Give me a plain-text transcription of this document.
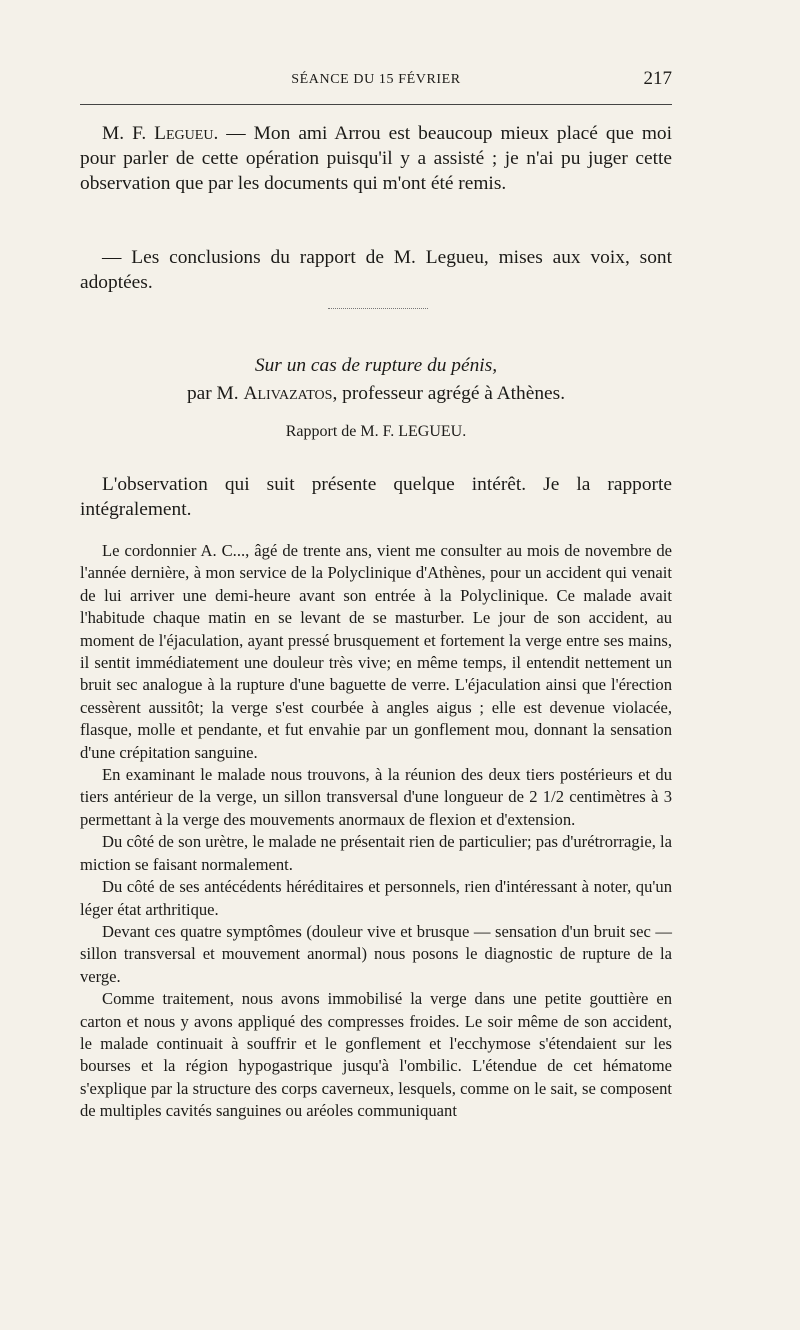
SÉANCE DU 15 FÉVRIER	217

M. F. Legueu. — Mon ami Arrou est beaucoup mieux placé que moi pour parler de cette opération puisqu'il y a assisté ; je n'ai pu juger cette observation que par les documents qui m'ont été remis.

— Les conclusions du rapport de M. Legueu, mises aux voix, sont adoptées.

Sur un cas de rupture du pénis,
par M. Alivazatos, professeur agrégé à Athènes.
Rapport de M. F. LEGUEU.

L'observation qui suit présente quelque intérêt. Je la rapporte intégralement.

Le cordonnier A. C..., âgé de trente ans, vient me consulter au mois de novembre de l'année dernière, à mon service de la Polyclinique d'Athènes, pour un accident qui venait de lui arriver une demi-heure avant son entrée à la Polyclinique. Ce malade avait l'habitude chaque matin en se levant de se masturber. Le jour de son accident, au moment de l'éjaculation, ayant pressé brusquement et fortement la verge entre ses mains, il sentit immédiatement une douleur très vive; en même temps, il entendit nettement un bruit sec analogue à la rupture d'une baguette de verre. L'éjaculation ainsi que l'érection cessèrent aussitôt; la verge s'est courbée à angles aigus ; elle est devenue violacée, flasque, molle et pendante, et fut envahie par un gonflement mou, donnant la sensation d'une crépitation sanguine.

En examinant le malade nous trouvons, à la réunion des deux tiers postérieurs et du tiers antérieur de la verge, un sillon transversal d'une longueur de 2 1/2 centimètres à 3 permettant à la verge des mouvements anormaux de flexion et d'extension.

Du côté de son urètre, le malade ne présentait rien de particulier; pas d'urétrorragie, la miction se faisant normalement.

Du côté de ses antécédents héréditaires et personnels, rien d'intéressant à noter, qu'un léger état arthritique.

Devant ces quatre symptômes (douleur vive et brusque — sensation d'un bruit sec — sillon transversal et mouvement anormal) nous posons le diagnostic de rupture de la verge.

Comme traitement, nous avons immobilisé la verge dans une petite gouttière en carton et nous y avons appliqué des compresses froides. Le soir même de son accident, le malade continuait à souffrir et le gonflement et l'ecchymose s'étendaient sur les bourses et la région hypogastrique jusqu'à l'ombilic. L'étendue de cet hématome s'explique par la structure des corps caverneux, lesquels, comme on le sait, se composent de multiples cavités sanguines ou aréoles communiquant
